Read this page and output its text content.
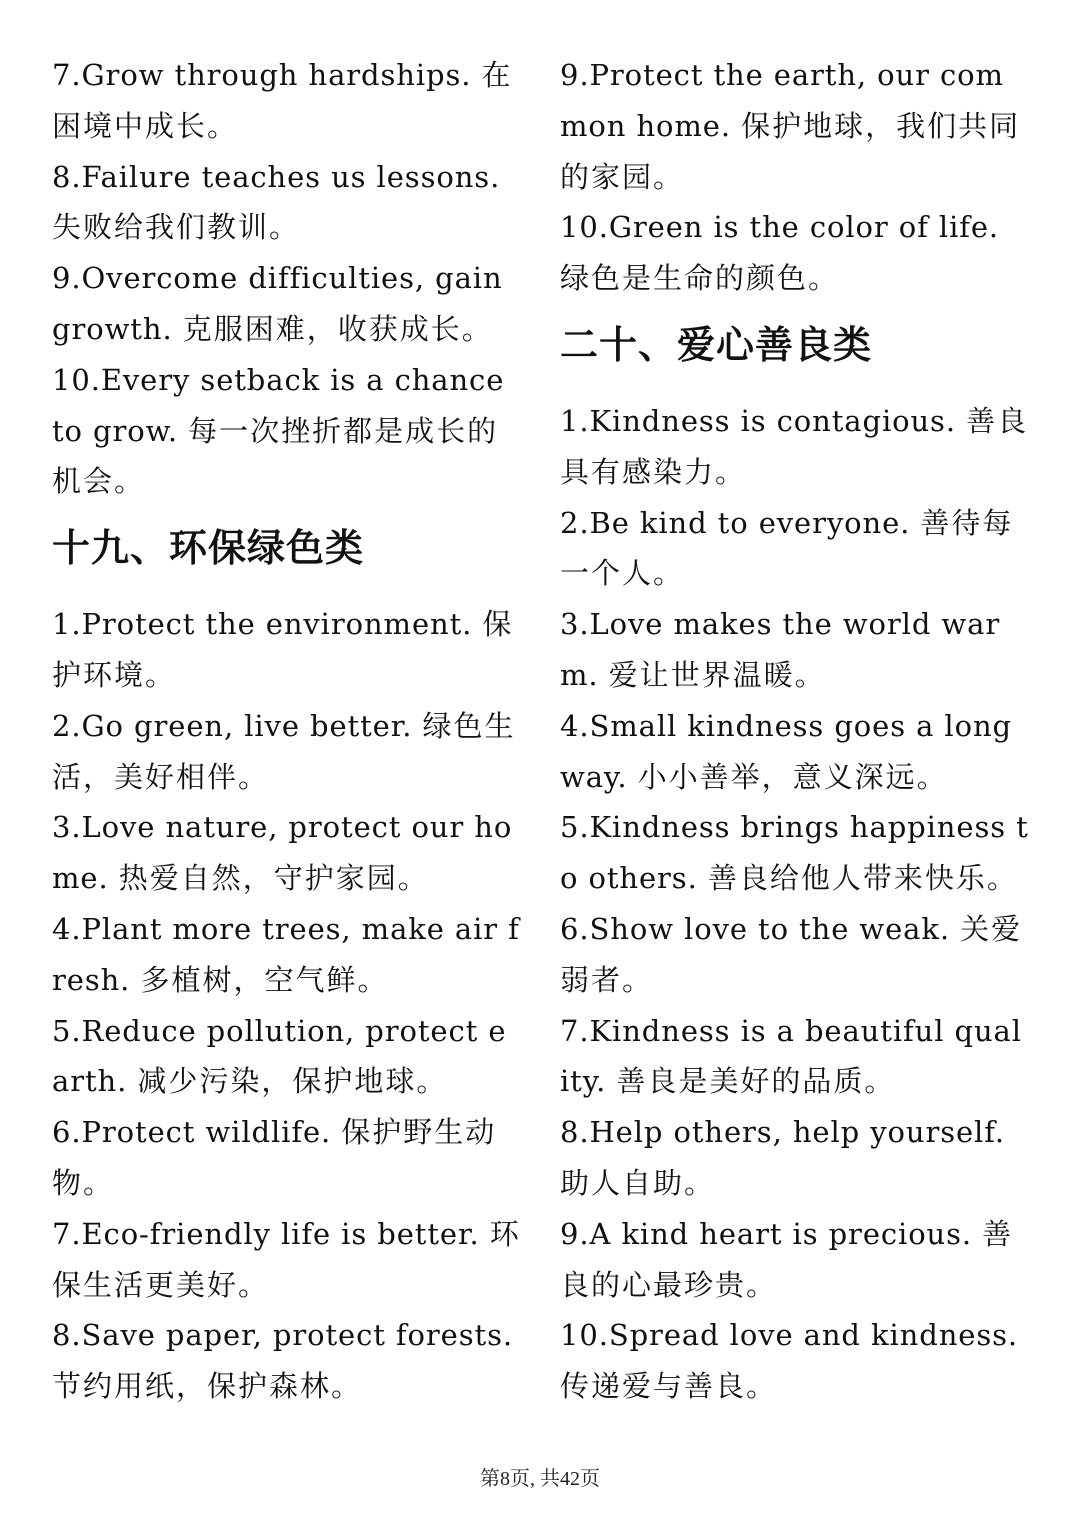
7.Grow through hardships. 在困境中成长。

8.Failure teaches us lessons. 失败给我们教训。

9.Overcome difficulties, gain growth. 克服困难，收获成长。

10.Every setback is a chance to grow. 每一次挫折都是成长的机会。

十九、环保绿色类

1.Protect the environment. 保护环境。

2.Go green, live better. 绿色生活，美好相伴。

3.Love nature, protect our home. 热爱自然，守护家园。

4.Plant more trees, make air fresh. 多植树，空气鲜。

5.Reduce pollution, protect earth. 减少污染，保护地球。

6.Protect wildlife. 保护野生动物。

7.Eco-friendly life is better. 环保生活更美好。

8.Save paper, protect forests. 节约用纸，保护森林。

9.Protect the earth, our common home. 保护地球，我们共同的家园。

10.Green is the color of life. 绿色是生命的颜色。

二十、爱心善良类

1.Kindness is contagious. 善良具有感染力。

2.Be kind to everyone. 善待每一个人。

3.Love makes the world warm. 爱让世界温暖。

4.Small kindness goes a long way. 小小善举，意义深远。

5.Kindness brings happiness to others. 善良给他人带来快乐。

6.Show love to the weak. 关爱弱者。

7.Kindness is a beautiful quality. 善良是美好的品质。

8.Help others, help yourself. 助人自助。

9.A kind heart is precious. 善良的心最珍贵。

10.Spread love and kindness. 传递爱与善良。

第8页, 共42页
